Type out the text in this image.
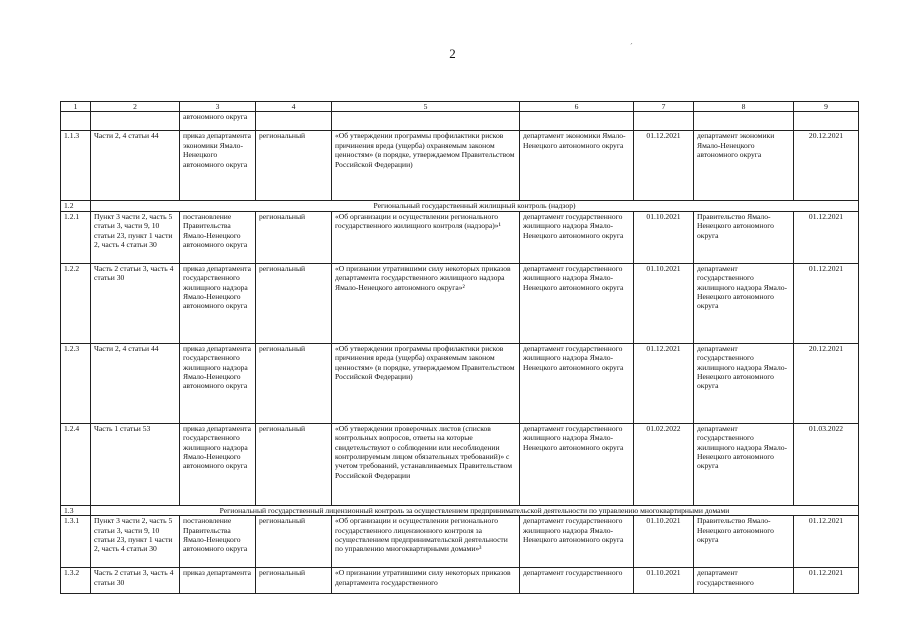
2	´
1	2	3	4	5	6	7	8	9
		автономного округа						
1.1.3	Части 2, 4 статьи 44	приказ департамента экономики Ямало-Ненецкого автономного округа	региональный	«Об утверждении программы профилактики рисков причинения вреда (ущерба) охраняемым законом ценностям» (в порядке, утверждаемом Правительством Российской Федерации)	департамент экономики Ямало-Ненецкого автономного округа	01.12.2021	департамент экономики Ямало-Ненецкого автономного округа	20.12.2021
1.2	Региональный государственный жилищный контроль (надзор)							
1.2.1	Пункт 3 части 2, часть 5 статьи 3, части 9, 10 статьи 23, пункт 1 части 2, часть 4 статьи 30	постановление Правительства Ямало-Ненецкого автономного округа	региональный	«Об организации и осуществлении регионального государственного жилищного контроля (надзора)»¹	департамент государственного жилищного надзора Ямало-Ненецкого автономного округа	01.10.2021	Правительство Ямало-Ненецкого автономного округа	01.12.2021
1.2.2	Часть 2 статьи 3, часть 4 статьи 30	приказ департамента государственного жилищного надзора Ямало-Ненецкого автономного округа	региональный	«О признании утратившими силу некоторых приказов департамента государственного жилищного надзора Ямало-Ненецкого автономного округа»²	департамент государственного жилищного надзора Ямало-Ненецкого автономного округа	01.10.2021	департамент государственного жилищного надзора Ямало-Ненецкого автономного округа	01.12.2021
1.2.3	Части 2, 4 статьи 44	приказ департамента государственного жилищного надзора Ямало-Ненецкого автономного округа	региональный	«Об утверждении программы профилактики рисков причинения вреда (ущерба) охраняемым законом ценностям» (в порядке, утверждаемом Правительством Российской Федерации)	департамент государственного жилищного надзора Ямало-Ненецкого автономного округа	01.12.2021	департамент государственного жилищного надзора Ямало-Ненецкого автономного округа	20.12.2021
1.2.4	Часть 1 статьи 53	приказ департамента государственного жилищного надзора Ямало-Ненецкого автономного округа	региональный	«Об утверждении проверочных листов (списков контрольных вопросов, ответы на которые свидетельствуют о соблюдении или несоблюдении контролируемым лицом обязательных требований)» с учетом требований, устанавливаемых Правительством Российской Федерации	департамент государственного жилищного надзора Ямало-Ненецкого автономного округа	01.02.2022	департамент государственного жилищного надзора Ямало-Ненецкого автономного округа	01.03.2022
1.3	Региональный государственный лицензионный контроль за осуществлением предпринимательской деятельности по управлению многоквартирными домами							
1.3.1	Пункт 3 части 2, часть 5 статьи 3, части 9, 10 статьи 23, пункт 1 части 2, часть 4 статьи 30	постановление Правительства Ямало-Ненецкого автономного округа	региональный	«Об организации и осуществлении регионального государственного лицензионного контроля за осуществлением предпринимательской деятельности по управлению многоквартирными домами»³	департамент государственного жилищного надзора Ямало-Ненецкого автономного округа	01.10.2021	Правительство Ямало-Ненецкого автономного округа	01.12.2021
1.3.2	Часть 2 статьи 3, часть 4 статьи 30	приказ департамента	региональный	«О признании утратившими силу некоторых приказов департамента государственного	департамент государственного	01.10.2021	департамент государственного	01.12.2021
